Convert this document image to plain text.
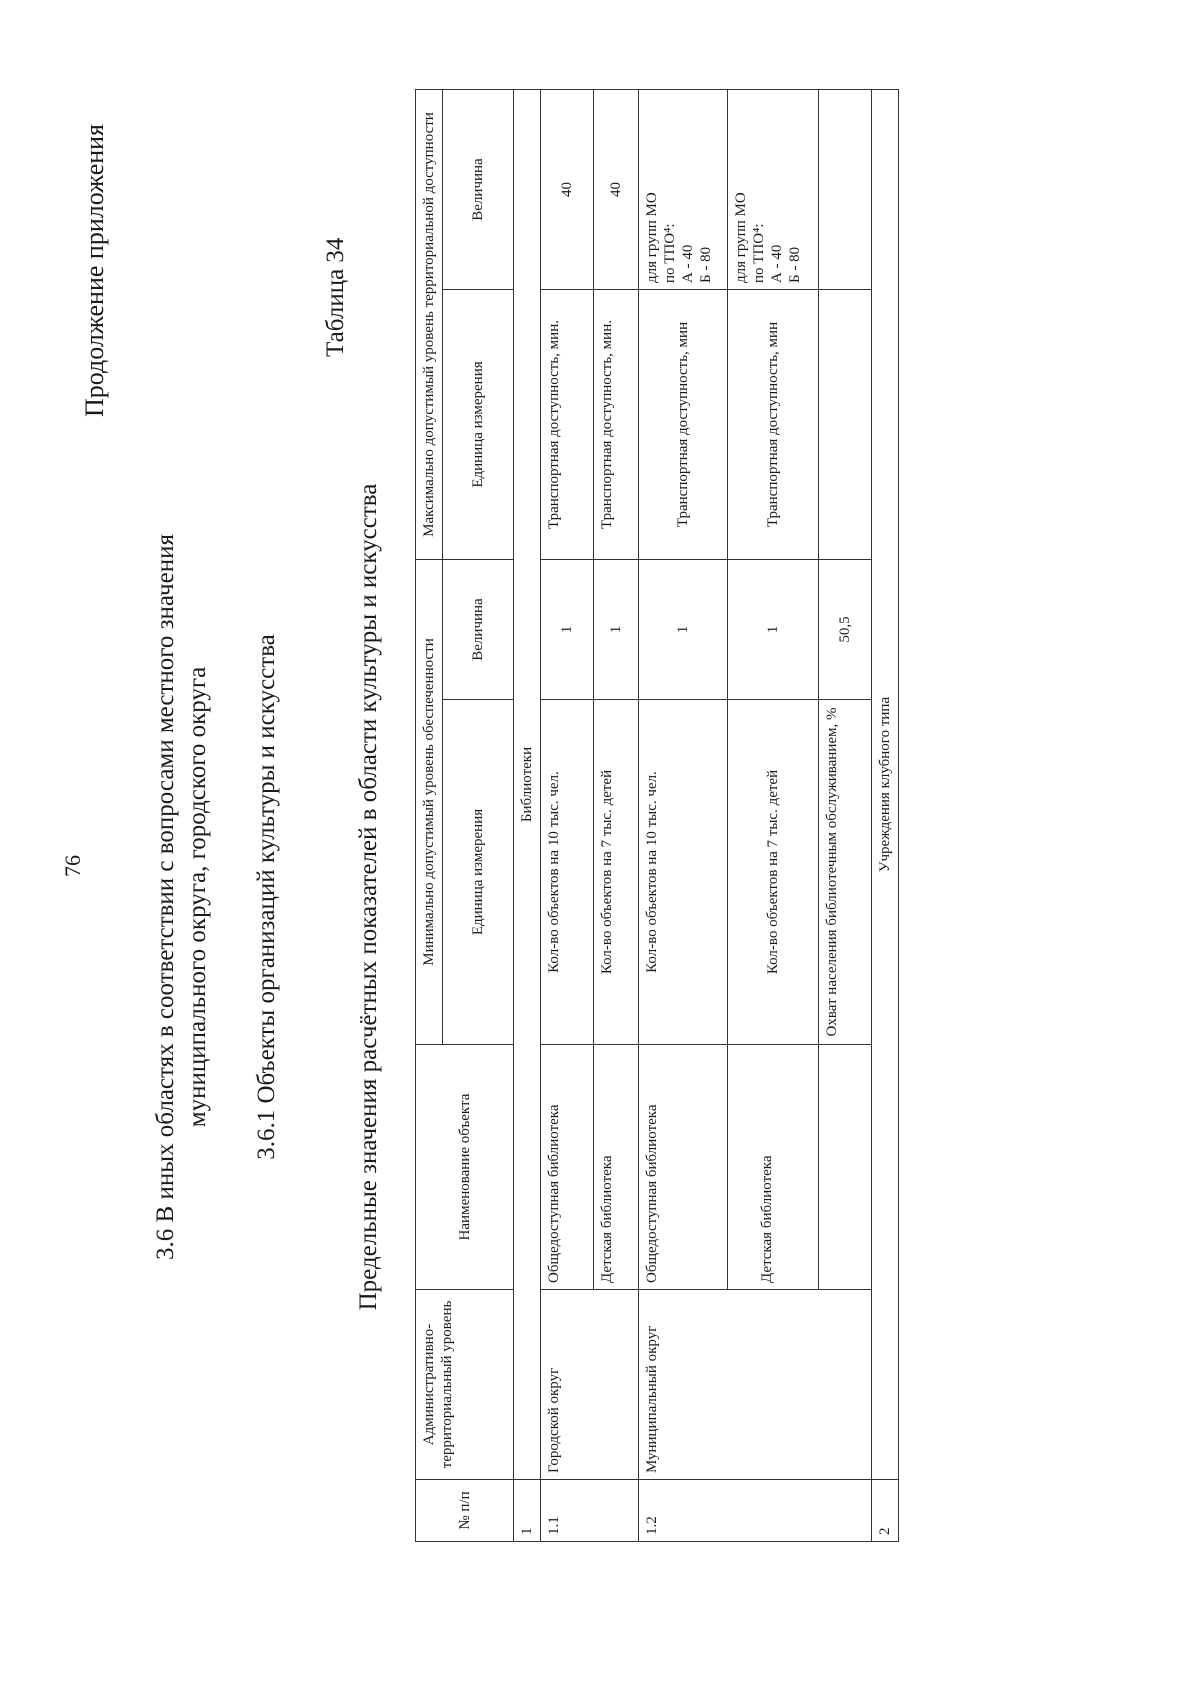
76
Продолжение приложения
3.6 В иных областях в соответствии с вопросами местного значения муниципального округа, городского округа 3.6.1 Объекты организаций культуры и искусства
Таблица 34
Предельные значения расчётных показателей в области культуры и искусства
№ п/п	Административно-территориальный уровень	Наименование объекта	Минимально допустимый уровень обеспеченности		Максимально допустимый уровень территориальной доступности	
			Единица измерения	Величина	Единица измерения	Величина
1	Библиотеки					
1.1	Городской округ	Общедоступная библиотека	Кол-во объектов на 10 тыс. чел.	1	Транспортная доступность, мин.	40
		Детская библиотека	Кол-во объектов на 7 тыс. детей	1	Транспортная доступность, мин.	40
1.2	Муниципальный округ	Общедоступная библиотека	Кол-во объектов на 10 тыс. чел.	1	Транспортная доступность, мин	для групп МО по ТПО⁴: А - 40 Б - 80

		Детская библиотека	Кол-во объектов на 7 тыс. детей	1	Транспортная доступность, мин	для групп МО по ТПО⁴: А - 40 Б - 80

			Охват населения библиотечным обслуживанием, %	50,5		
2	Учреждения клубного типа					
